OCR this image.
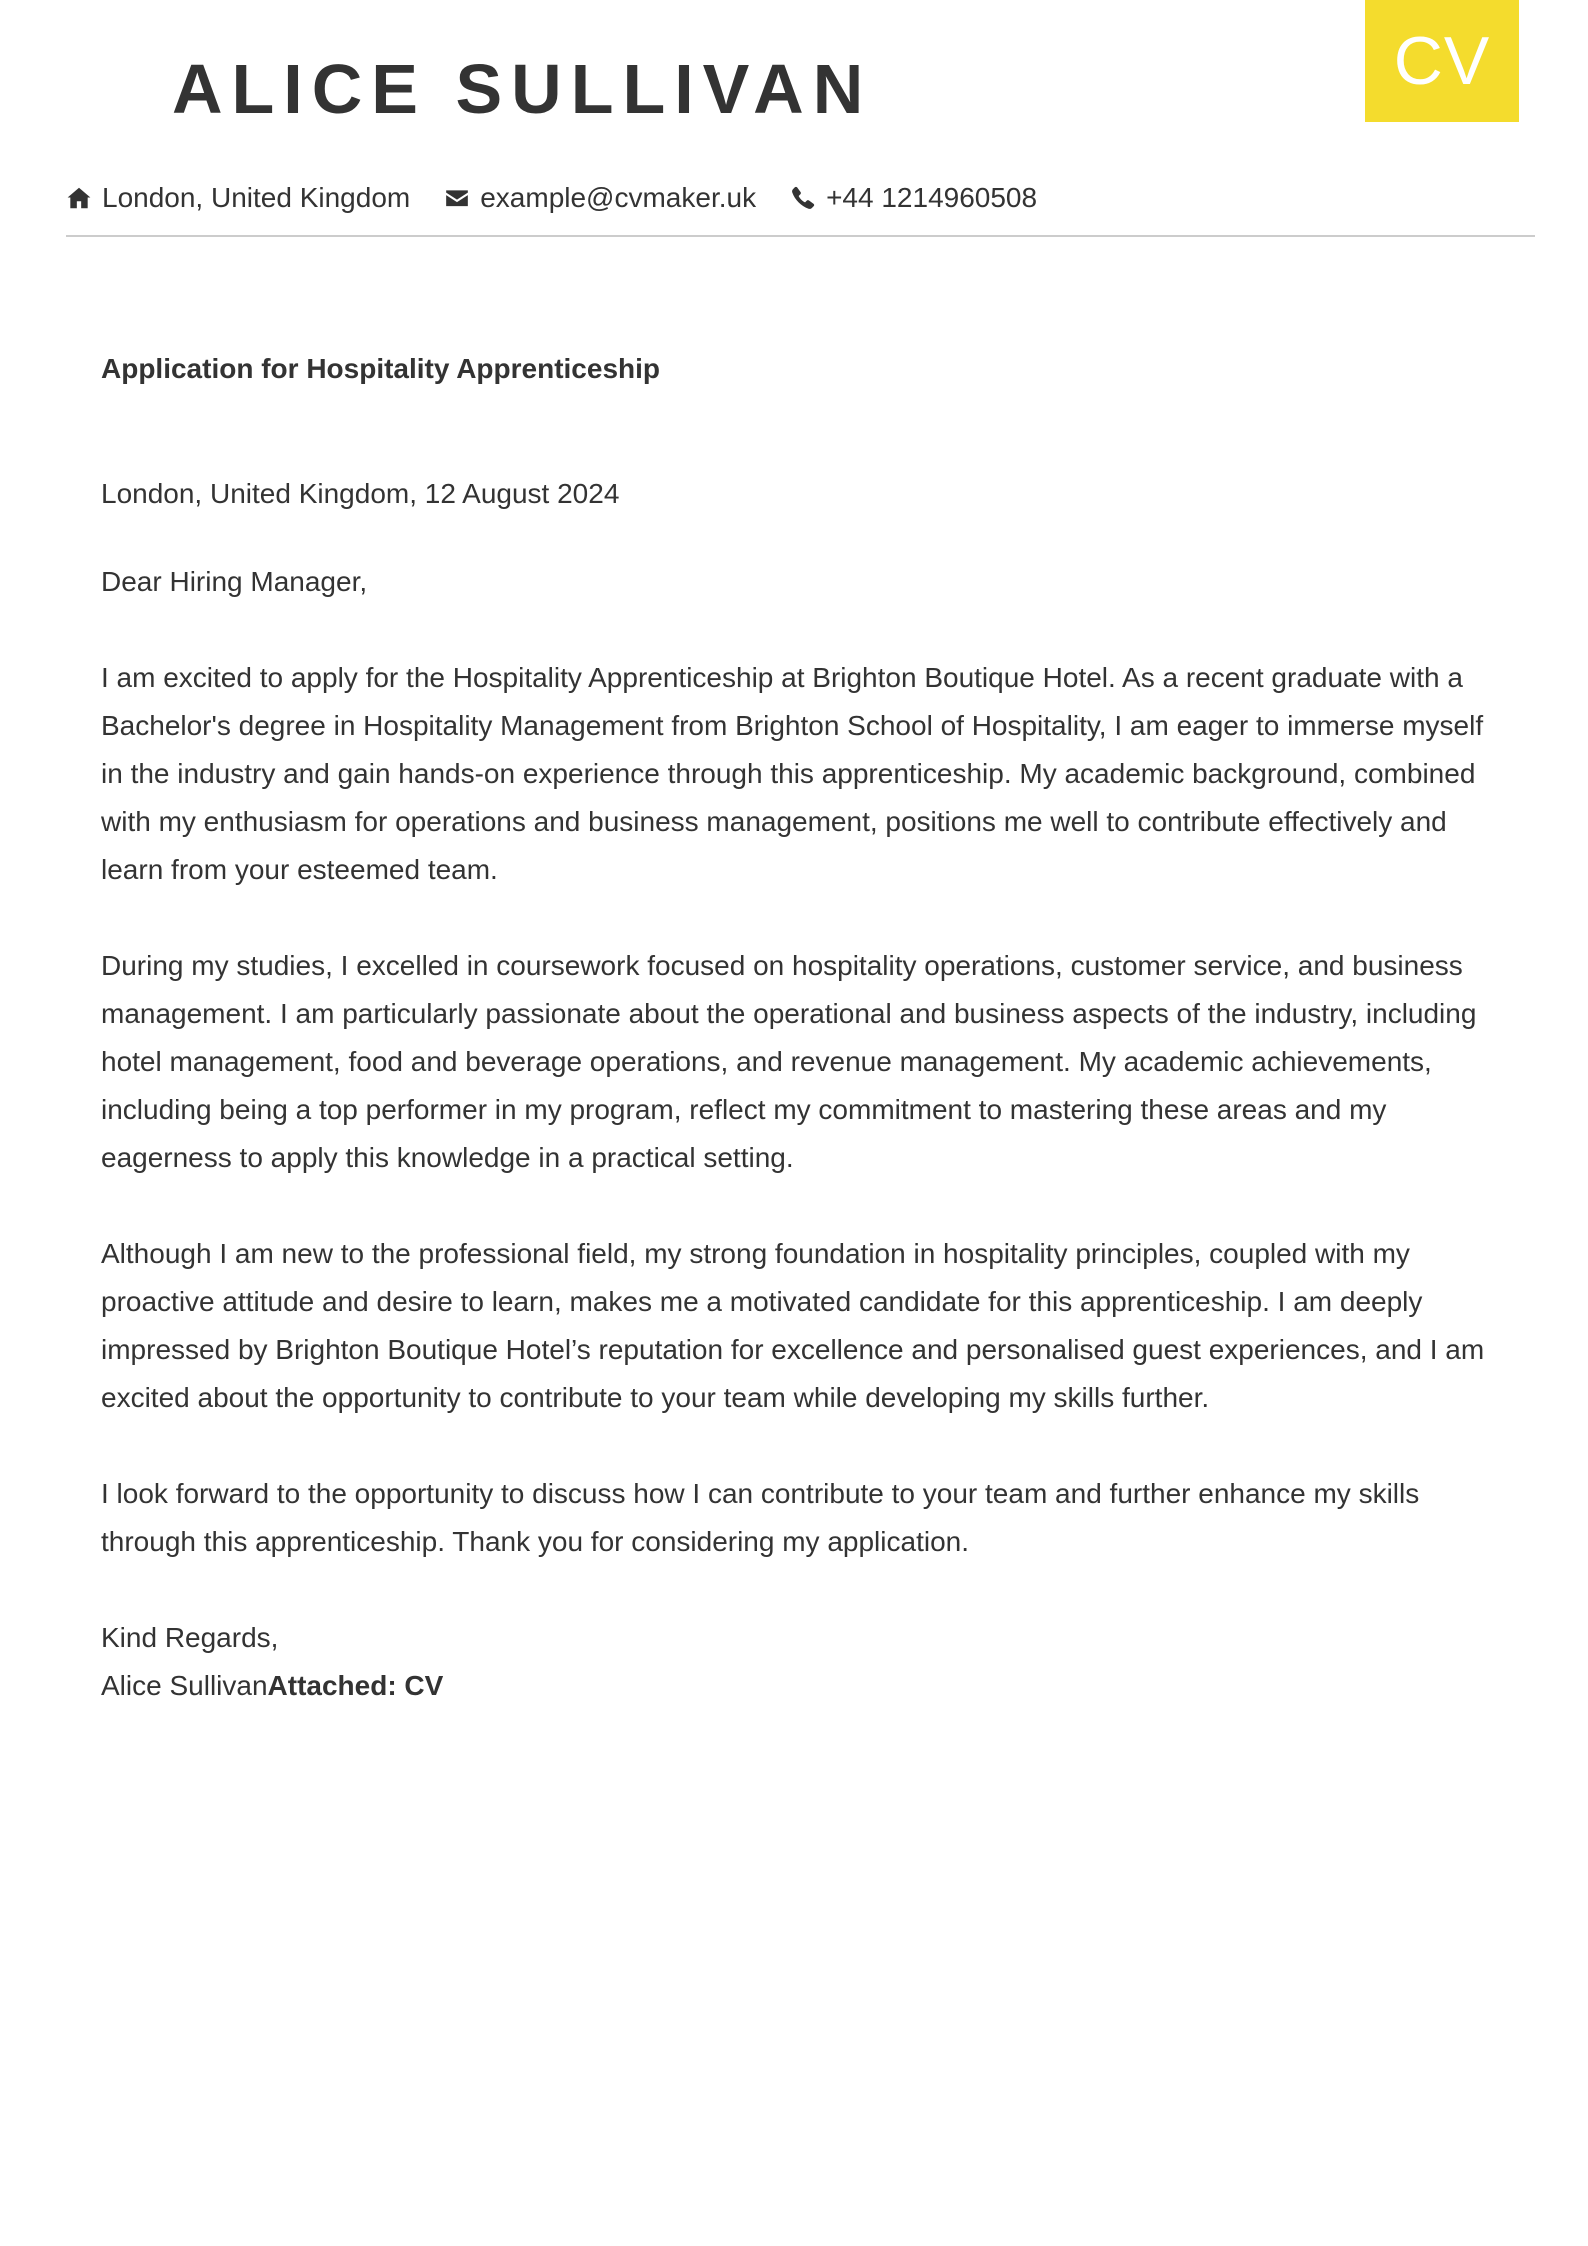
CV
ALICE SULLIVAN
London, United Kingdom	example@cvmaker.uk	+44 1214960508

Application for Hospitality Apprenticeship

London, United Kingdom, 12 August 2024

Dear Hiring Manager,

I am excited to apply for the Hospitality Apprenticeship at Brighton Boutique Hotel. As a recent graduate with a Bachelor's degree in Hospitality Management from Brighton School of Hospitality, I am eager to immerse myself in the industry and gain hands-on experience through this apprenticeship. My academic background, combined with my enthusiasm for operations and business management, positions me well to contribute effectively and learn from your esteemed team.

During my studies, I excelled in coursework focused on hospitality operations, customer service, and business management. I am particularly passionate about the operational and business aspects of the industry, including hotel management, food and beverage operations, and revenue management. My academic achievements, including being a top performer in my program, reflect my commitment to mastering these areas and my eagerness to apply this knowledge in a practical setting.

Although I am new to the professional field, my strong foundation in hospitality principles, coupled with my proactive attitude and desire to learn, makes me a motivated candidate for this apprenticeship. I am deeply impressed by Brighton Boutique Hotel’s reputation for excellence and personalised guest experiences, and I am excited about the opportunity to contribute to your team while developing my skills further.

I look forward to the opportunity to discuss how I can contribute to your team and further enhance my skills through this apprenticeship. Thank you for considering my application.

Kind Regards,

Alice SullivanAttached: CV
